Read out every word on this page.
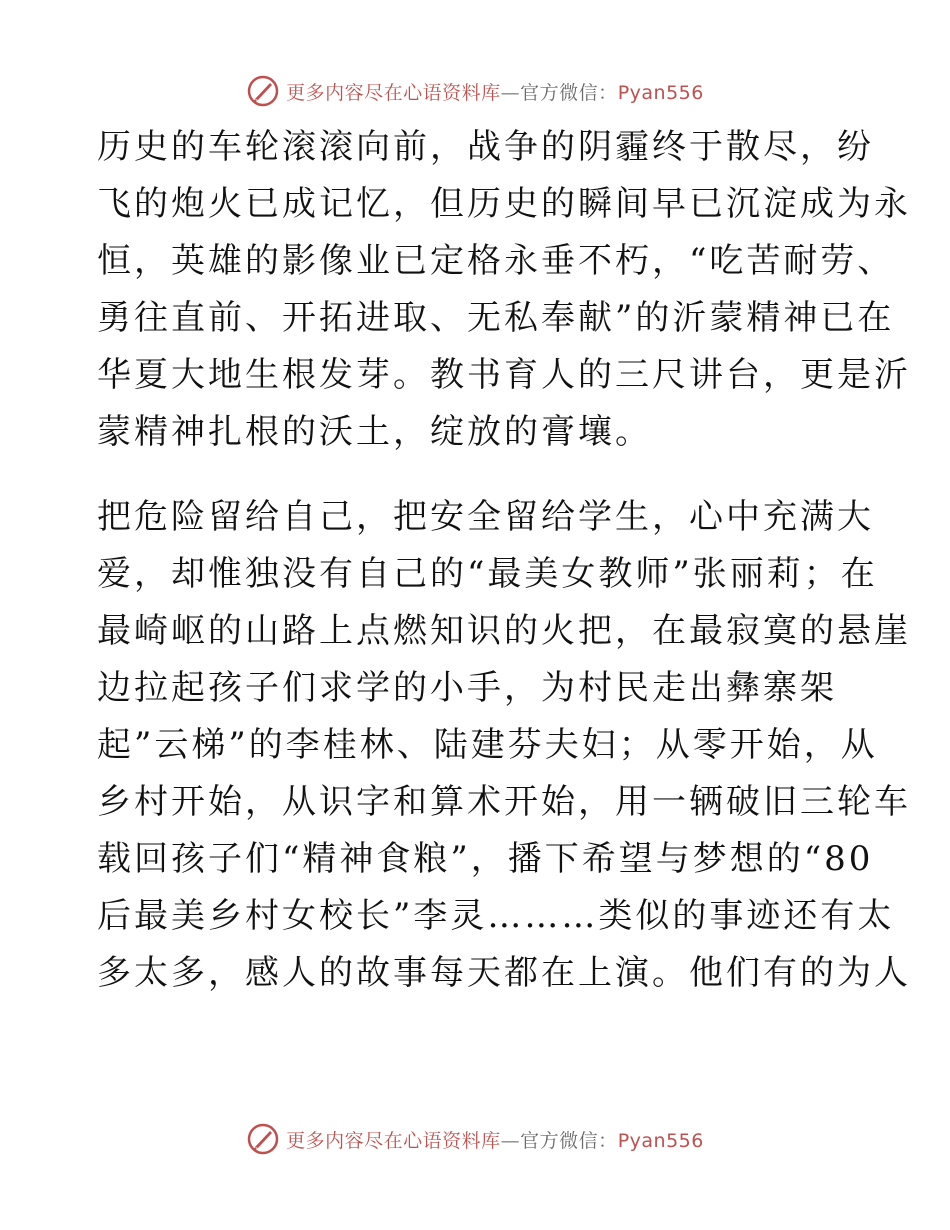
更多内容尽在心语资料库—官方微信：Pyan556
历史的车轮滚滚向前，战争的阴霾终于散尽，纷
飞的炮火已成记忆，但历史的瞬间早已沉淀成为永
恒，英雄的影像业已定格永垂不朽，“吃苦耐劳、
勇往直前、开拓进取、无私奉献”的沂蒙精神已在
华夏大地生根发芽。教书育人的三尺讲台，更是沂
蒙精神扎根的沃土，绽放的膏壤。
把危险留给自己，把安全留给学生，心中充满大
爱，却惟独没有自己的“最美女教师”张丽莉；在
最崎岖的山路上点燃知识的火把，在最寂寞的悬崖
边拉起孩子们求学的小手，为村民走出彝寨架
起”云梯”的李桂林、陆建芬夫妇；从零开始，从
乡村开始，从识字和算术开始，用一辆破旧三轮车
载回孩子们“精神食粮”，播下希望与梦想的“80
后最美乡村女校长”李灵………类似的事迹还有太
多太多，感人的故事每天都在上演。他们有的为人
更多内容尽在心语资料库—官方微信：Pyan556
